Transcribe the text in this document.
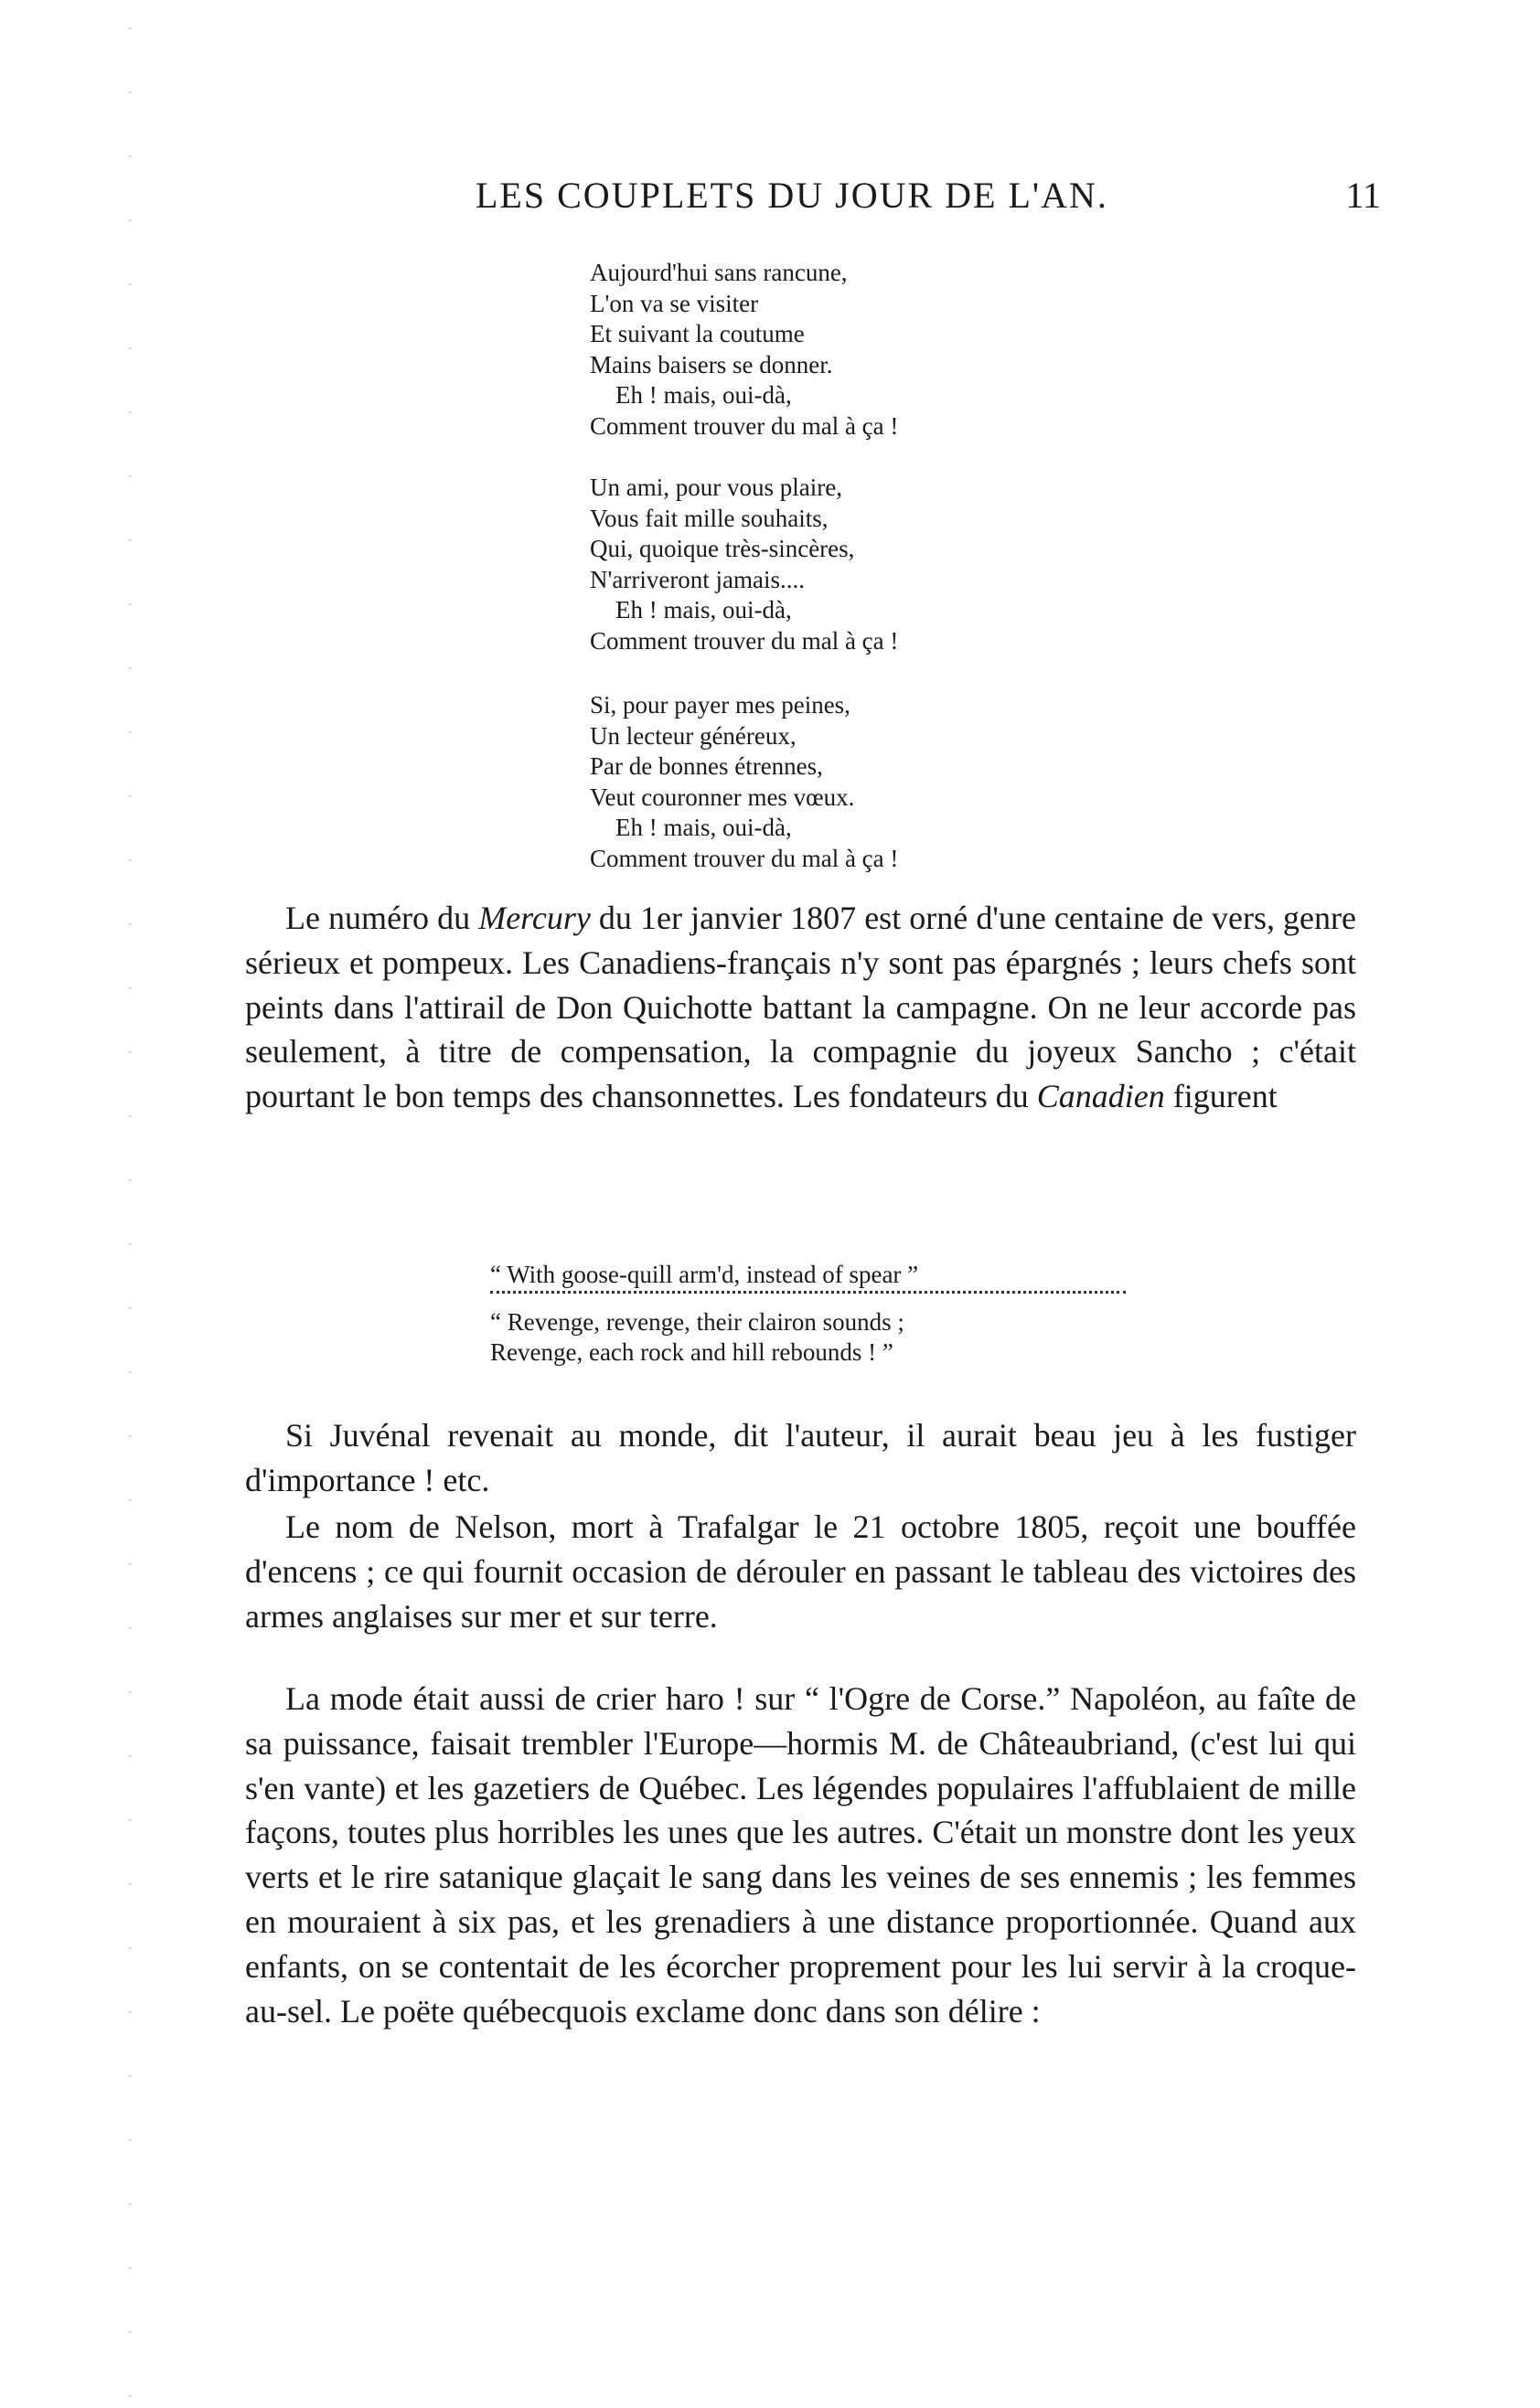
LES COUPLETS DU JOUR DE L'AN.	11
Aujourd'hui sans rancune,
L'on va se visiter
Et suivant la coutume
Mains baisers se donner.
Eh ! mais, oui-dà,
Comment trouver du mal à ça !
Un ami, pour vous plaire,
Vous fait mille souhaits,
Qui, quoique très-sincères,
N'arriveront jamais....
Eh ! mais, oui-dà,
Comment trouver du mal à ça !
Si, pour payer mes peines,
Un lecteur généreux,
Par de bonnes étrennes,
Veut couronner mes vœux.
Eh ! mais, oui-dà,
Comment trouver du mal à ça !

Le numéro du Mercury du 1er janvier 1807 est orné d'une centaine de vers, genre sérieux et pompeux. Les Canadiens-français n'y sont pas épargnés ; leurs chefs sont peints dans l'attirail de Don Quichotte battant la campagne. On ne leur accorde pas seulement, à titre de compensation, la compagnie du joyeux Sancho ; c'était pourtant le bon temps des chansonnettes. Les fondateurs du Canadien figurent

“ With goose-quill arm'd, instead of spear ”
“ Revenge, revenge, their clairon sounds ;
Revenge, each rock and hill rebounds ! ”

Si Juvénal revenait au monde, dit l'auteur, il aurait beau jeu à les fustiger d'importance ! etc.

Le nom de Nelson, mort à Trafalgar le 21 octobre 1805, reçoit une bouffée d'encens ; ce qui fournit occasion de dérouler en passant le tableau des victoires des armes anglaises sur mer et sur terre.

La mode était aussi de crier haro ! sur “ l'Ogre de Corse.” Napoléon, au faîte de sa puissance, faisait trembler l'Europe—hormis M. de Châteaubriand, (c'est lui qui s'en vante) et les gazetiers de Québec. Les légendes populaires l'affublaient de mille façons, toutes plus horribles les unes que les autres. C'était un monstre dont les yeux verts et le rire satanique glaçait le sang dans les veines de ses ennemis ; les femmes en mouraient à six pas, et les grenadiers à une distance proportionnée. Quand aux enfants, on se contentait de les écorcher proprement pour les lui servir à la croque-au-sel. Le poëte québecquois exclame donc dans son délire :
